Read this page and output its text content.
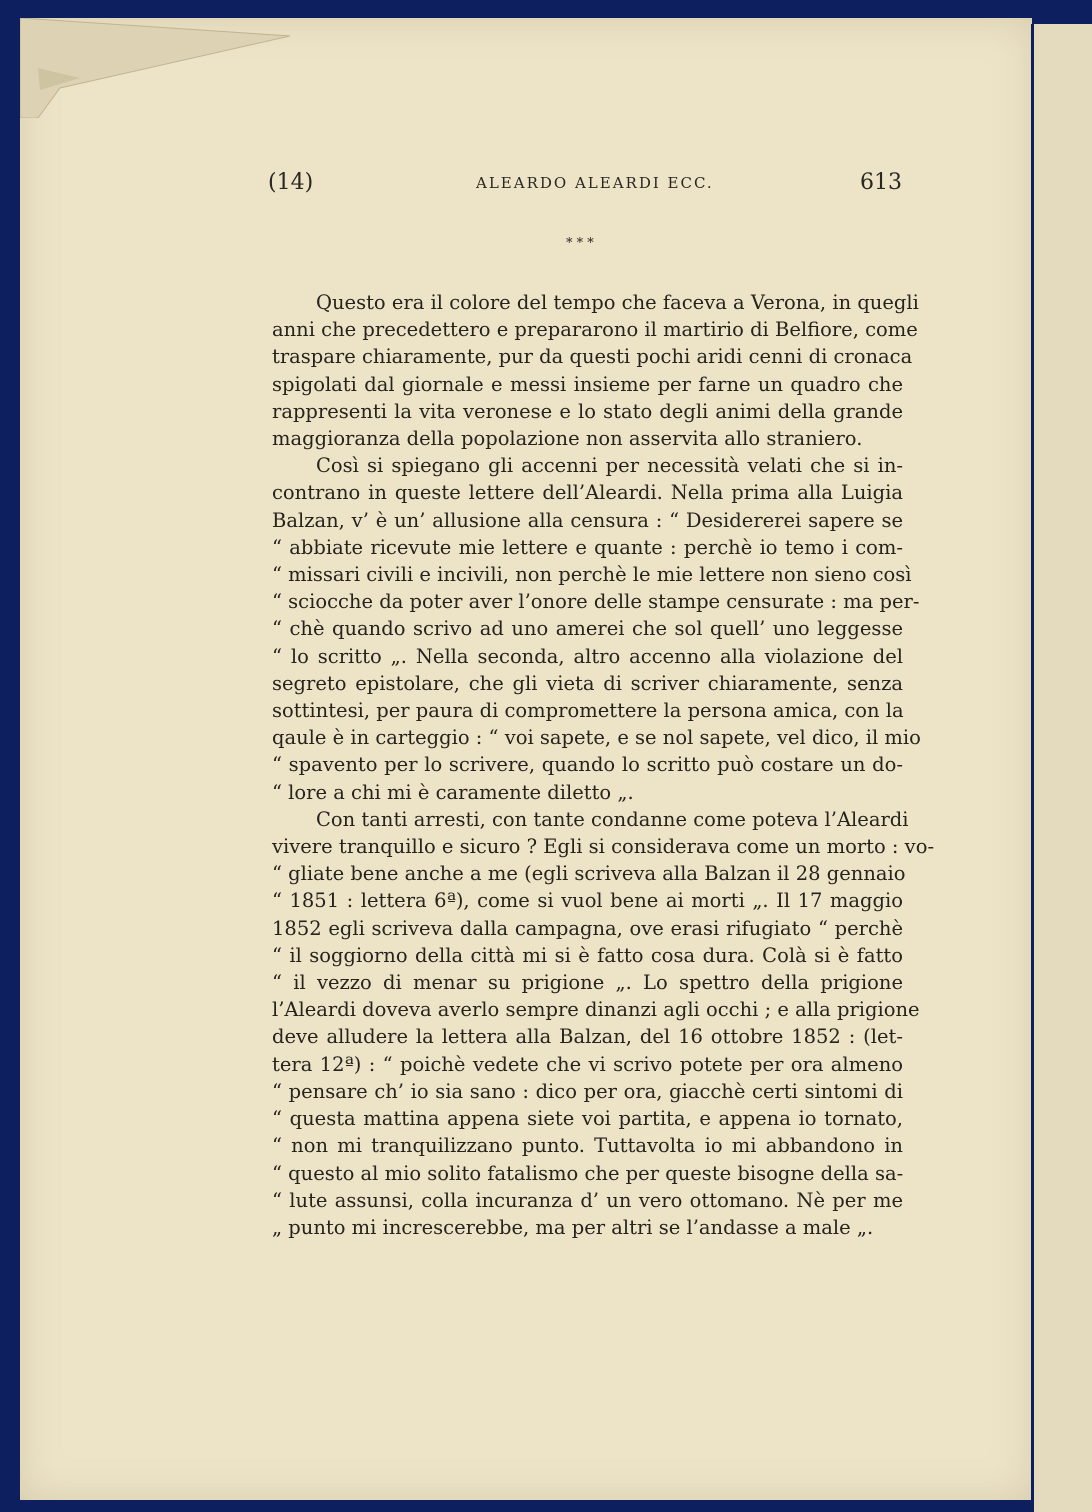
(14)	ALEARDO ALEARDI ECC.	613
* * *
Questo era il colore del tempo che faceva a Verona, in quegli
anni che precedettero e prepararono il martirio di Belfiore, come
traspare chiaramente, pur da questi pochi aridi cenni di cronaca
spigolati dal giornale e messi insieme per farne un quadro che
rappresenti la vita veronese e lo stato degli animi della grande
maggioranza della popolazione non asservita allo straniero.
Così si spiegano gli accenni per necessità velati che si in-
contrano in queste lettere dell’Aleardi. Nella prima alla Luigia
Balzan, v’ è un’ allusione alla censura : “ Desidererei sapere se
“ abbiate ricevute mie lettere e quante : perchè io temo i com-
“ missari civili e incivili, non perchè le mie lettere non sieno così
“ sciocche da poter aver l’onore delle stampe censurate : ma per-
“ chè quando scrivo ad uno amerei che sol quell’ uno leggesse
“ lo scritto „. Nella seconda, altro accenno alla violazione del
segreto epistolare, che gli vieta di scriver chiaramente, senza
sottintesi, per paura di compromettere la persona amica, con la
qaule è in carteggio : “ voi sapete, e se nol sapete, vel dico, il mio
“ spavento per lo scrivere, quando lo scritto può costare un do-
“ lore a chi mi è caramente diletto „.
Con tanti arresti, con tante condanne come poteva l’Aleardi
vivere tranquillo e sicuro ? Egli si considerava come un morto : vo-
“ gliate bene anche a me (egli scriveva alla Balzan il 28 gennaio
“ 1851 : lettera 6ª), come si vuol bene ai morti „. Il 17 maggio
1852 egli scriveva dalla campagna, ove erasi rifugiato “ perchè
“ il soggiorno della città mi si è fatto cosa dura. Colà si è fatto
“ il vezzo di menar su prigione „. Lo spettro della prigione
l’Aleardi doveva averlo sempre dinanzi agli occhi ; e alla prigione
deve alludere la lettera alla Balzan, del 16 ottobre 1852 : (let-
tera 12ª) : “ poichè vedete che vi scrivo potete per ora almeno
“ pensare ch’ io sia sano : dico per ora, giacchè certi sintomi di
“ questa mattina appena siete voi partita, e appena io tornato,
“ non mi tranquilizzano punto. Tuttavolta io mi abbandono in
“ questo al mio solito fatalismo che per queste bisogne della sa-
“ lute assunsi, colla incuranza d’ un vero ottomano. Nè per me
„ punto mi increscerebbe, ma per altri se l’andasse a male „.
